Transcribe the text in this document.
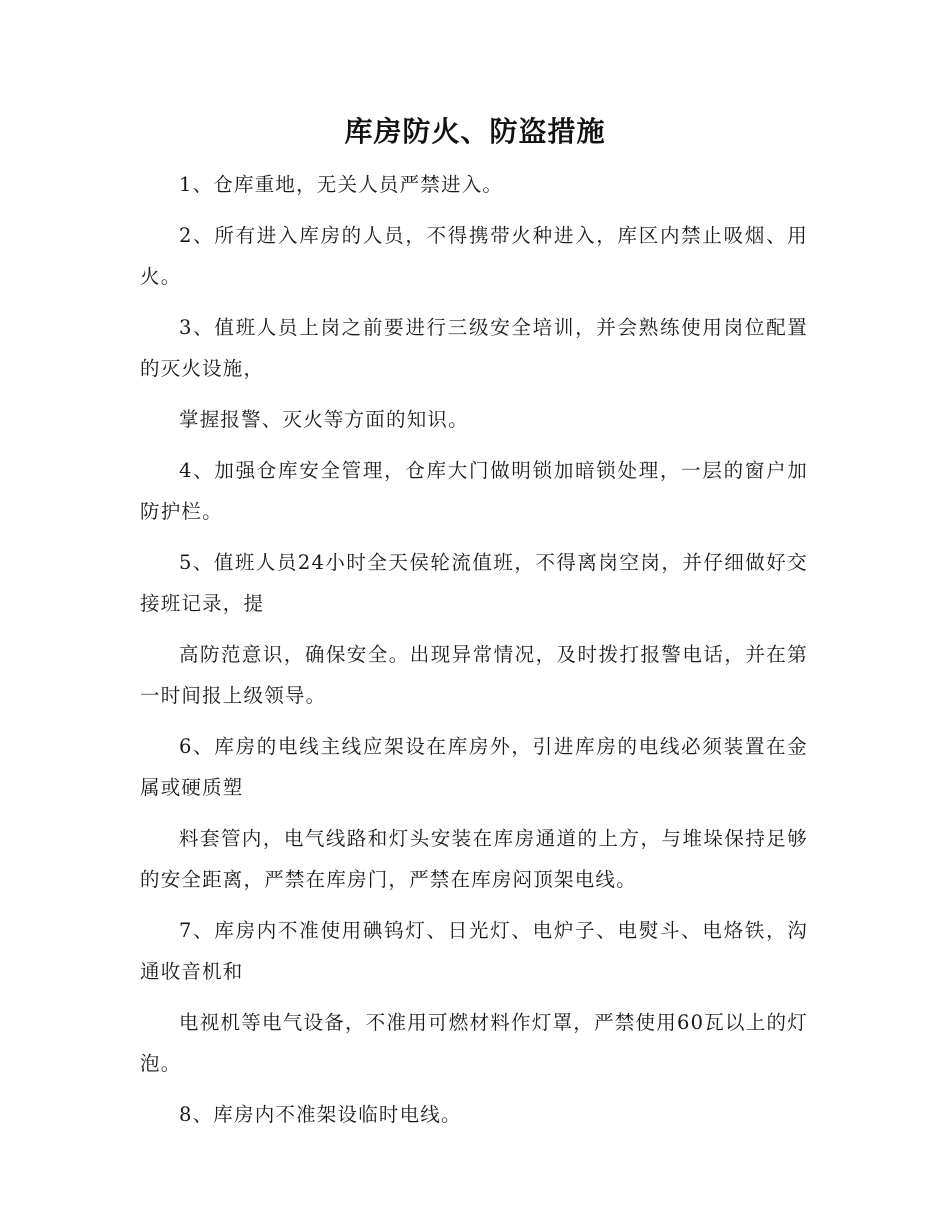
库房防火、防盗措施

1、仓库重地，无关人员严禁进入。

2、所有进入库房的人员，不得携带火种进入，库区内禁止吸烟、用火。

3、值班人员上岗之前要进行三级安全培训，并会熟练使用岗位配置的灭火设施，

掌握报警、灭火等方面的知识。

4、加强仓库安全管理，仓库大门做明锁加暗锁处理，一层的窗户加防护栏。

5、值班人员24小时全天侯轮流值班，不得离岗空岗，并仔细做好交接班记录，提

高防范意识，确保安全。出现异常情况，及时拨打报警电话，并在第一时间报上级领导。

6、库房的电线主线应架设在库房外，引进库房的电线必须装置在金属或硬质塑

料套管内，电气线路和灯头安装在库房通道的上方，与堆垛保持足够的安全距离，严禁在库房门，严禁在库房闷顶架电线。

7、库房内不准使用碘钨灯、日光灯、电炉子、电熨斗、电烙铁，沟通收音机和

电视机等电气设备，不准用可燃材料作灯罩，严禁使用60瓦以上的灯泡。

8、库房内不准架设临时电线。
